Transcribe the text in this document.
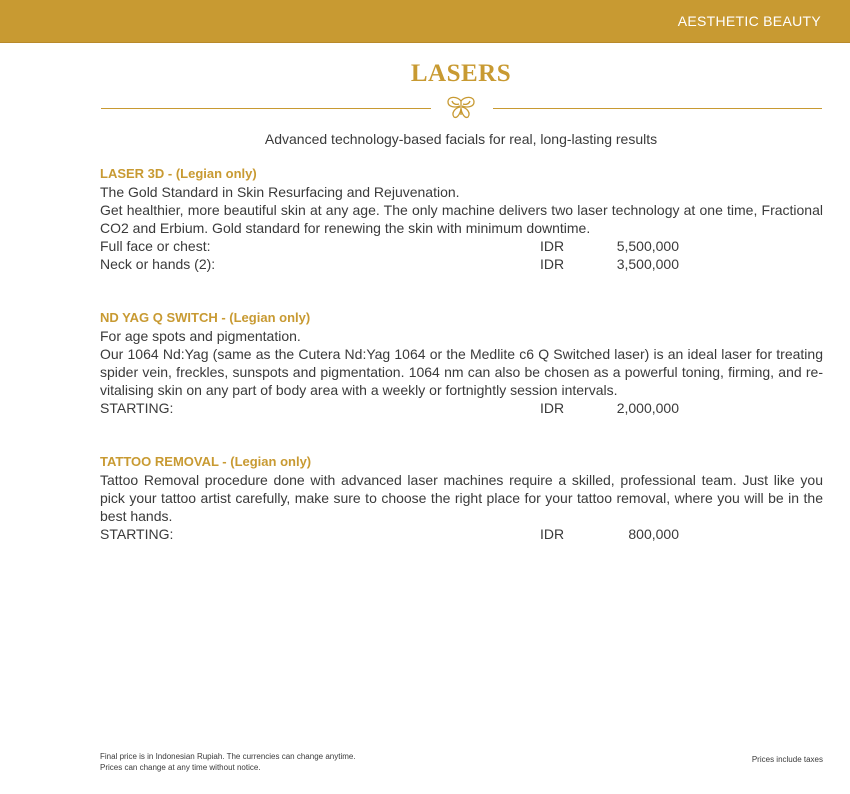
AESTHETIC BEAUTY
LASERS
Advanced technology-based facials for real, long-lasting results
LASER 3D - (Legian only)
The Gold Standard in Skin Resurfacing and Rejuvenation.
Get healthier, more beautiful skin at any age. The only machine delivers two laser technology at one time, Fractional CO2 and Erbium. Gold standard for renewing the skin with minimum downtime.
Full face or chest:	IDR	5,500,000
Neck or hands (2):	IDR	3,500,000
ND YAG Q SWITCH - (Legian only)
For age spots and pigmentation.
Our 1064 Nd:Yag (same as the Cutera Nd:Yag 1064 or the Medlite c6 Q Switched laser) is an ideal laser for treating spider vein, freckles, sunspots and pigmentation. 1064 nm can also be chosen as a powerful toning, firming, and re-vitalising skin on any part of body area with a weekly or fortnightly session intervals.
STARTING:	IDR	2,000,000
TATTOO REMOVAL - (Legian only)
Tattoo Removal procedure done with advanced laser machines require a skilled, professional team. Just like you pick your tattoo artist carefully, make sure to choose the right place for your tattoo removal, where you will be in the best hands.
STARTING:	IDR	800,000
Final price is in Indonesian Rupiah. The currencies can change anytime.
Prices can change at any time without notice.
Prices include taxes
